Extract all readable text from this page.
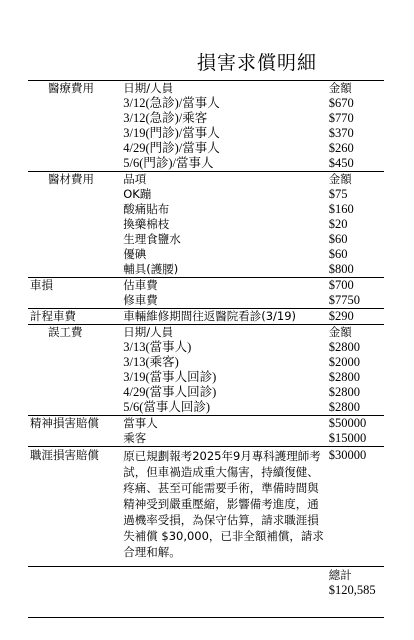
損害求償明細
醫療費用	日期/人員	金額
	3/12(急診)/當事人	$670
	3/12(急診)/乘客	$770
	3/19(門診)/當事人	$370
	4/29(門診)/當事人	$260
	5/6(門診)/當事人	$450
醫材費用	品項	金額
	OK蹦	$75
	酸痛貼布	$160
	換藥棉枝	$20
	生理食鹽水	$60
	優碘	$60
	輔具(護腰)	$800
車損	估車費	$700
	修車費	$7750
計程車費	車輛維修期間往返醫院看診(3/19)	$290
誤工費	日期/人員	金額
	3/13(當事人)	$2800
	3/13(乘客)	$2000
	3/19(當事人回診)	$2800
	4/29(當事人回診)	$2800
	5/6(當事人回診)	$2800
精神損害賠償	當事人	$50000
	乘客	$15000
職涯損害賠償	原已規劃報考2025年9月專科護理師考試，但車禍造成重大傷害，持續復健、疼痛、甚至可能需要手術，準備時間與精神受到嚴重壓縮，影響備考進度，通過機率受損，為保守估算，請求職涯損失補償 $30,000，已非全額補償，請求合理和解。	$30000

		總計
$120,585
